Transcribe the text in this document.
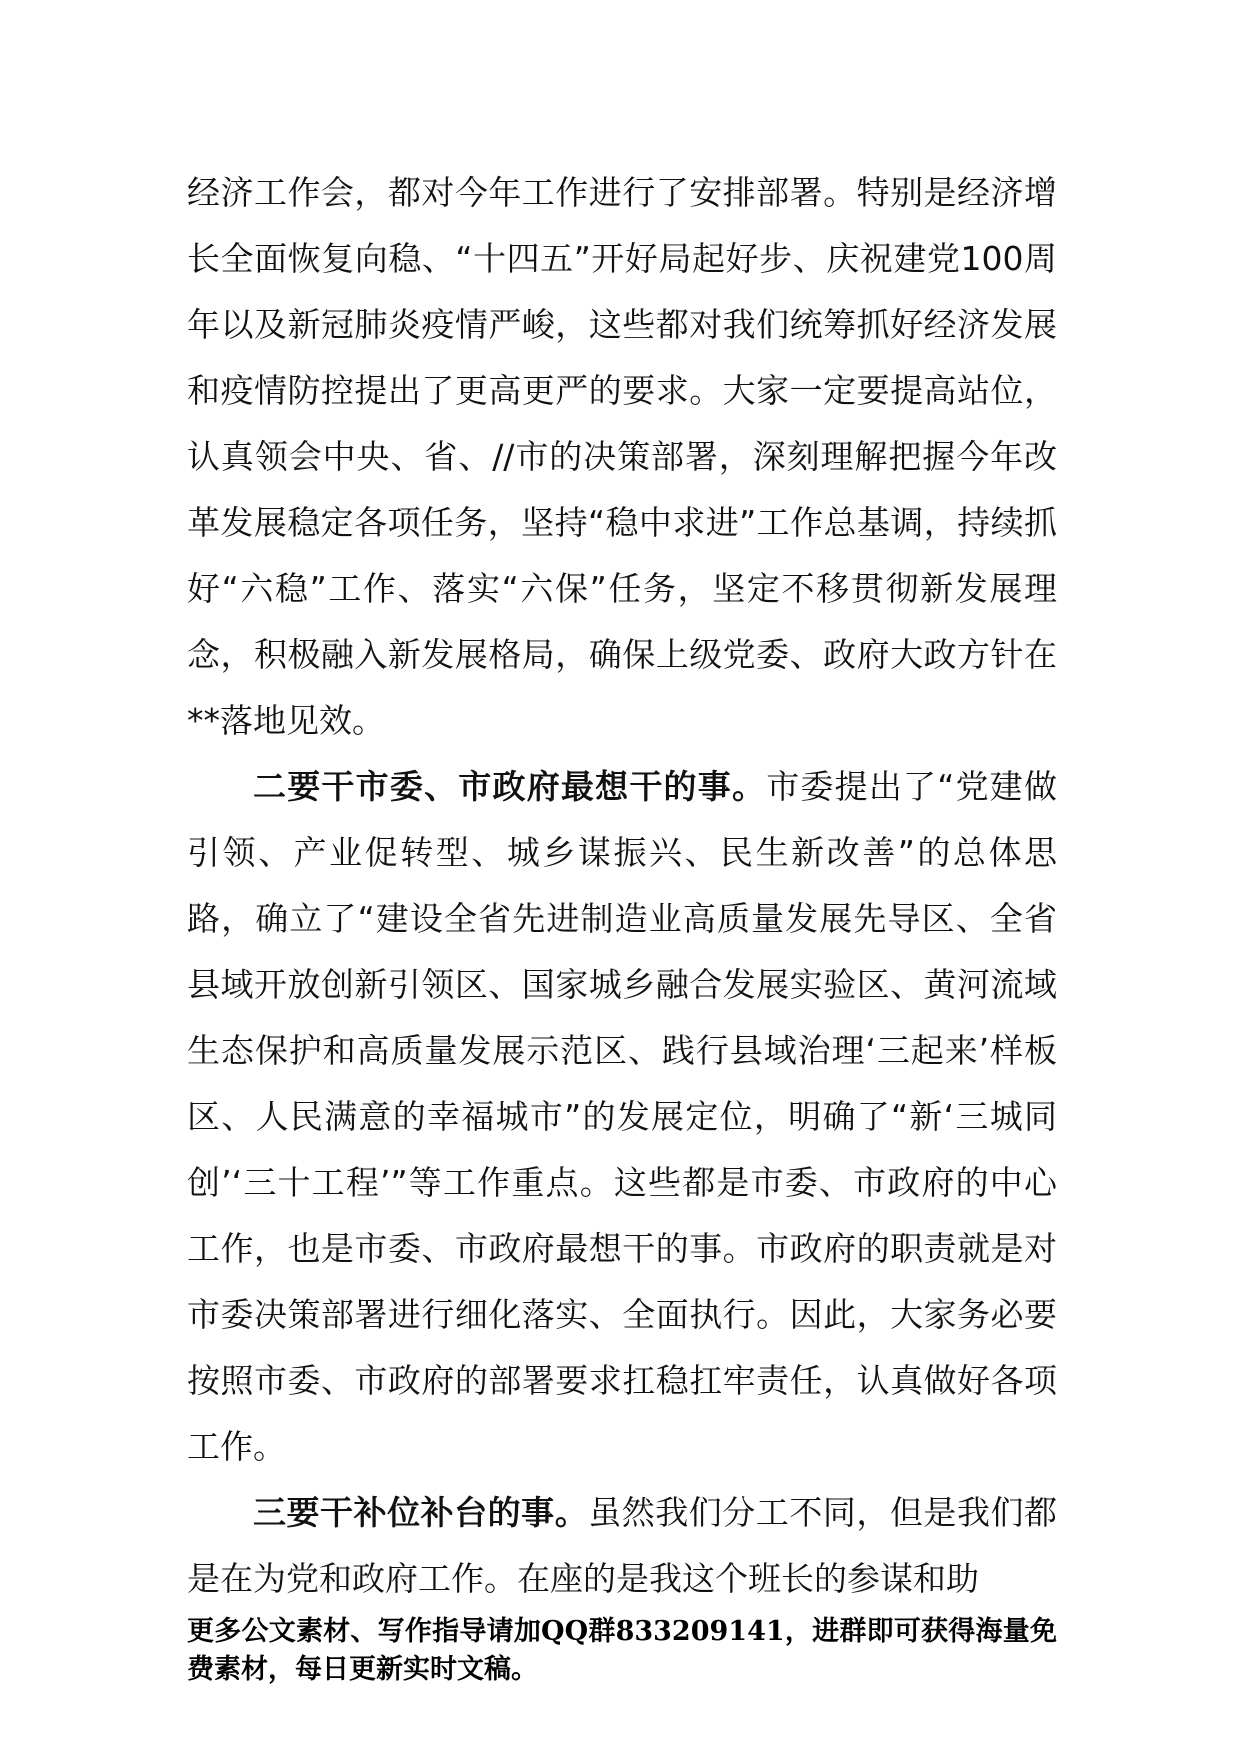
经济工作会，都对今年工作进行了安排部署。特别是经济增长全面恢复向稳、“十四五”开好局起好步、庆祝建党100周年以及新冠肺炎疫情严峻，这些都对我们统筹抓好经济发展和疫情防控提出了更高更严的要求。大家一定要提高站位，认真领会中央、省、//市的决策部署，深刻理解把握今年改革发展稳定各项任务，坚持“稳中求进”工作总基调，持续抓好“六稳”工作、落实“六保”任务，坚定不移贯彻新发展理念，积极融入新发展格局，确保上级党委、政府大政方针在**落地见效。

二要干市委、市政府最想干的事。市委提出了“党建做引领、产业促转型、城乡谋振兴、民生新改善”的总体思路，确立了“建设全省先进制造业高质量发展先导区、全省县域开放创新引领区、国家城乡融合发展实验区、黄河流域生态保护和高质量发展示范区、践行县域治理‘三起来’样板区、人民满意的幸福城市”的发展定位，明确了“新‘三城同创’‘三十工程’”等工作重点。这些都是市委、市政府的中心工作，也是市委、市政府最想干的事。市政府的职责就是对市委决策部署进行细化落实、全面执行。因此，大家务必要按照市委、市政府的部署要求扛稳扛牢责任，认真做好各项工作。

三要干补位补台的事。虽然我们分工不同，但是我们都是在为党和政府工作。在座的是我这个班长的参谋和助

更多公文素材、写作指导请加QQ群833209141，进群即可获得海量免费素材，每日更新实时文稿。
